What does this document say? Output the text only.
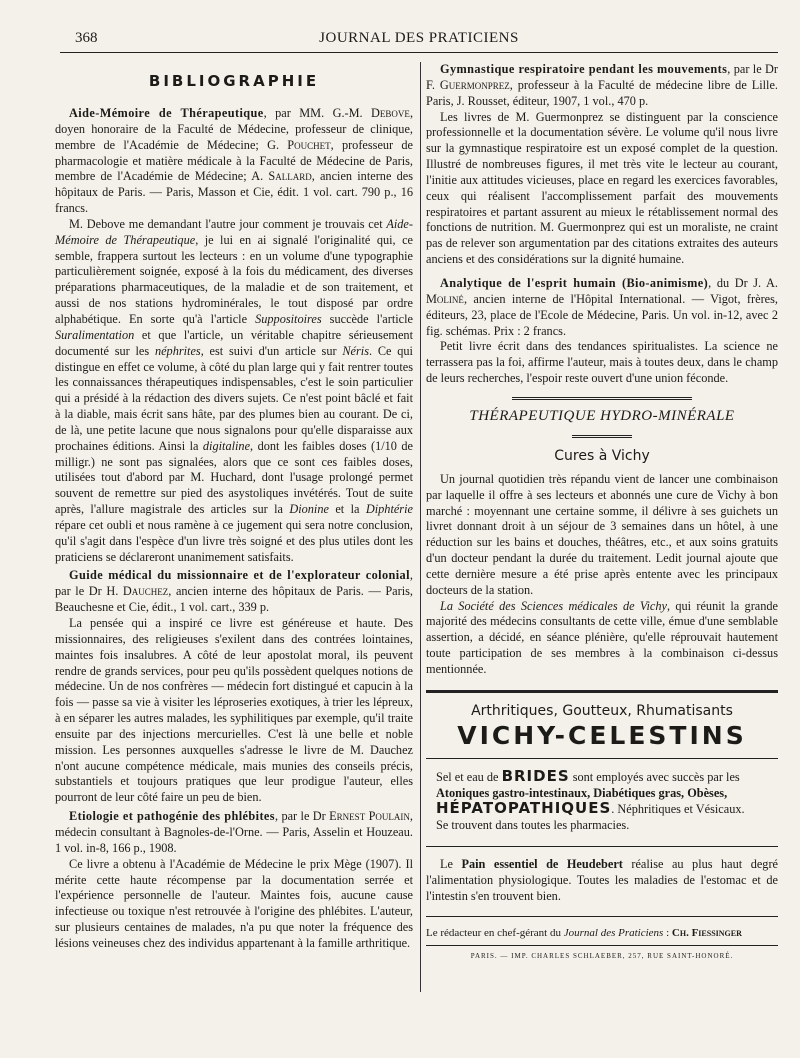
368	JOURNAL DES PRATICIENS
BIBLIOGRAPHIE

Aide-Mémoire de Thérapeutique, par MM. G.-M. Debove, doyen honoraire de la Faculté de Médecine, professeur de clinique, membre de l'Académie de Médecine; G. Pouchet, professeur de pharmacologie et matière médicale à la Faculté de Médecine de Paris, membre de l'Académie de Médecine; A. Sallard, ancien interne des hôpitaux de Paris. — Paris, Masson et Cie, édit. 1 vol. cart. 790 p., 16 francs.

M. Debove me demandant l'autre jour comment je trouvais cet Aide-Mémoire de Thérapeutique, je lui en ai signalé l'originalité qui, ce semble, frappera surtout les lecteurs : en un volume d'une typographie particulièrement soignée, exposé à la fois du médicament, des diverses préparations pharmaceutiques, de la maladie et de son traitement, et aussi de nos stations hydrominérales, le tout disposé par ordre alphabétique. En sorte qu'à l'article Suppositoires succède l'article Suralimentation et que l'article, un véritable chapitre sérieusement documenté sur les néphrites, est suivi d'un article sur Néris. Ce qui distingue en effet ce volume, à côté du plan large qui y fait rentrer toutes les connaissances thérapeutiques indispensables, c'est le soin particulier qui a présidé à la rédaction des divers sujets. Ce n'est point bâclé et fait à la diable, mais écrit sans hâte, par des plumes bien au courant. De ci, de là, une petite lacune que nous signalons pour qu'elle disparaisse aux prochaines éditions. Ainsi la digitaline, dont les faibles doses (1/10 de milligr.) ne sont pas signalées, alors que ce sont ces faibles doses, utilisées tout d'abord par M. Huchard, dont l'usage prolongé permet souvent de remettre sur pied des asystoliques invétérés. Tout de suite après, l'allure magistrale des articles sur la Dionine et la Diphtérie répare cet oubli et nous ramène à ce jugement qui sera notre conclusion, qu'il s'agit dans l'espèce d'un livre très soigné et des plus utiles dont les praticiens se déclareront unanimement satisfaits.

Guide médical du missionnaire et de l'explorateur colonial, par le Dr H. Dauchez, ancien interne des hôpitaux de Paris. — Paris, Beauchesne et Cie, édit., 1 vol. cart., 339 p.

La pensée qui a inspiré ce livre est généreuse et haute. Des missionnaires, des religieuses s'exilent dans des contrées lointaines, maintes fois insalubres. A côté de leur apostolat moral, ils peuvent rendre de grands services, pour peu qu'ils possèdent quelques notions de médecine. Un de nos confrères — médecin fort distingué et capucin à la fois — passe sa vie à visiter les léproseries exotiques, à trier les lépreux, à en séparer les autres malades, les syphilitiques par exemple, qu'il traite ensuite par des injections mercurielles. C'est là une belle et noble mission. Les personnes auxquelles s'adresse le livre de M. Dauchez n'ont aucune compétence médicale, mais munies des conseils précis, substantiels et toujours pratiques que leur prodigue l'auteur, elles pourront de leur côté faire un peu de bien.

Etiologie et pathogénie des phlébites, par le Dr Ernest Poulain, médecin consultant à Bagnoles-de-l'Orne. — Paris, Asselin et Houzeau. 1 vol. in-8, 166 p., 1908.

Ce livre a obtenu à l'Académie de Médecine le prix Mège (1907). Il mérite cette haute récompense par la documentation serrée et l'expérience personnelle de l'auteur. Maintes fois, aucune cause infectieuse ou toxique n'est retrouvée à l'origine des phlébites. L'auteur, sur plusieurs centaines de malades, n'a pu que noter la fréquence des lésions veineuses chez des individus appartenant à la famille arthritique.

Gymnastique respiratoire pendant les mouvements, par le Dr F. Guermonprez, professeur à la Faculté de médecine libre de Lille. Paris, J. Rousset, éditeur, 1907, 1 vol., 470 p.

Les livres de M. Guermonprez se distinguent par la conscience professionnelle et la documentation sévère. Le volume qu'il nous livre sur la gymnastique respiratoire est un exposé complet de la question. Illustré de nombreuses figures, il met très vite le lecteur au courant, l'initie aux attitudes vicieuses, place en regard les exercices favorables, ceux qui réalisent l'accomplissement parfait des mouvements respiratoires et partant assurent au mieux le rétablissement normal des fonctions de nutrition. M. Guermonprez qui est un moraliste, ne craint pas de relever son argumentation par des citations extraites des auteurs anciens et des considérations sur la dignité humaine.

Analytique de l'esprit humain (Bio-animisme), du Dr J. A. Moliné, ancien interne de l'Hôpital International. — Vigot, frères, éditeurs, 23, place de l'Ecole de Médecine, Paris. Un vol. in-12, avec 2 fig. schémas. Prix : 2 francs.

Petit livre écrit dans des tendances spiritualistes. La science ne terrassera pas la foi, affirme l'auteur, mais à toutes deux, dans le champ de leurs recherches, l'espoir reste ouvert d'une union féconde.

THÉRAPEUTIQUE HYDRO-MINÉRALE
Cures à Vichy

Un journal quotidien très répandu vient de lancer une combinaison par laquelle il offre à ses lecteurs et abonnés une cure de Vichy à bon marché : moyennant une certaine somme, il délivre à ses guichets un livret donnant droit à un séjour de 3 semaines dans un hôtel, à une réduction sur les bains et douches, théâtres, etc., et aux soins gratuits d'un docteur pendant la durée du traitement. Ledit journal ajoute que cette dernière mesure a été prise après entente avec les principaux docteurs de la station.

La Société des Sciences médicales de Vichy, qui réunit la grande majorité des médecins consultants de cette ville, émue d'une semblable assertion, a décidé, en séance plénière, qu'elle réprouvait hautement toute participation de ses membres à la combinaison ci-dessus mentionnée.

Arthritiques, Goutteux, Rhumatisants
VICHY-CELESTINS
Sel et eau de BRIDES sont employés avec succès par les Atoniques gastro-intestinaux, Diabétiques gras, Obèses,
HÉPATOPATHIQUES. Néphritiques et Vésicaux.
Se trouvent dans toutes les pharmacies.

Le Pain essentiel de Heudebert réalise au plus haut degré l'alimentation physiologique. Toutes les maladies de l'estomac et de l'intestin s'en trouvent bien.

Le rédacteur en chef-gérant du Journal des Praticiens : Ch. Fiessinger
PARIS. — IMP. CHARLES SCHLAEBER, 257, RUE SAINT-HONORÉ.
